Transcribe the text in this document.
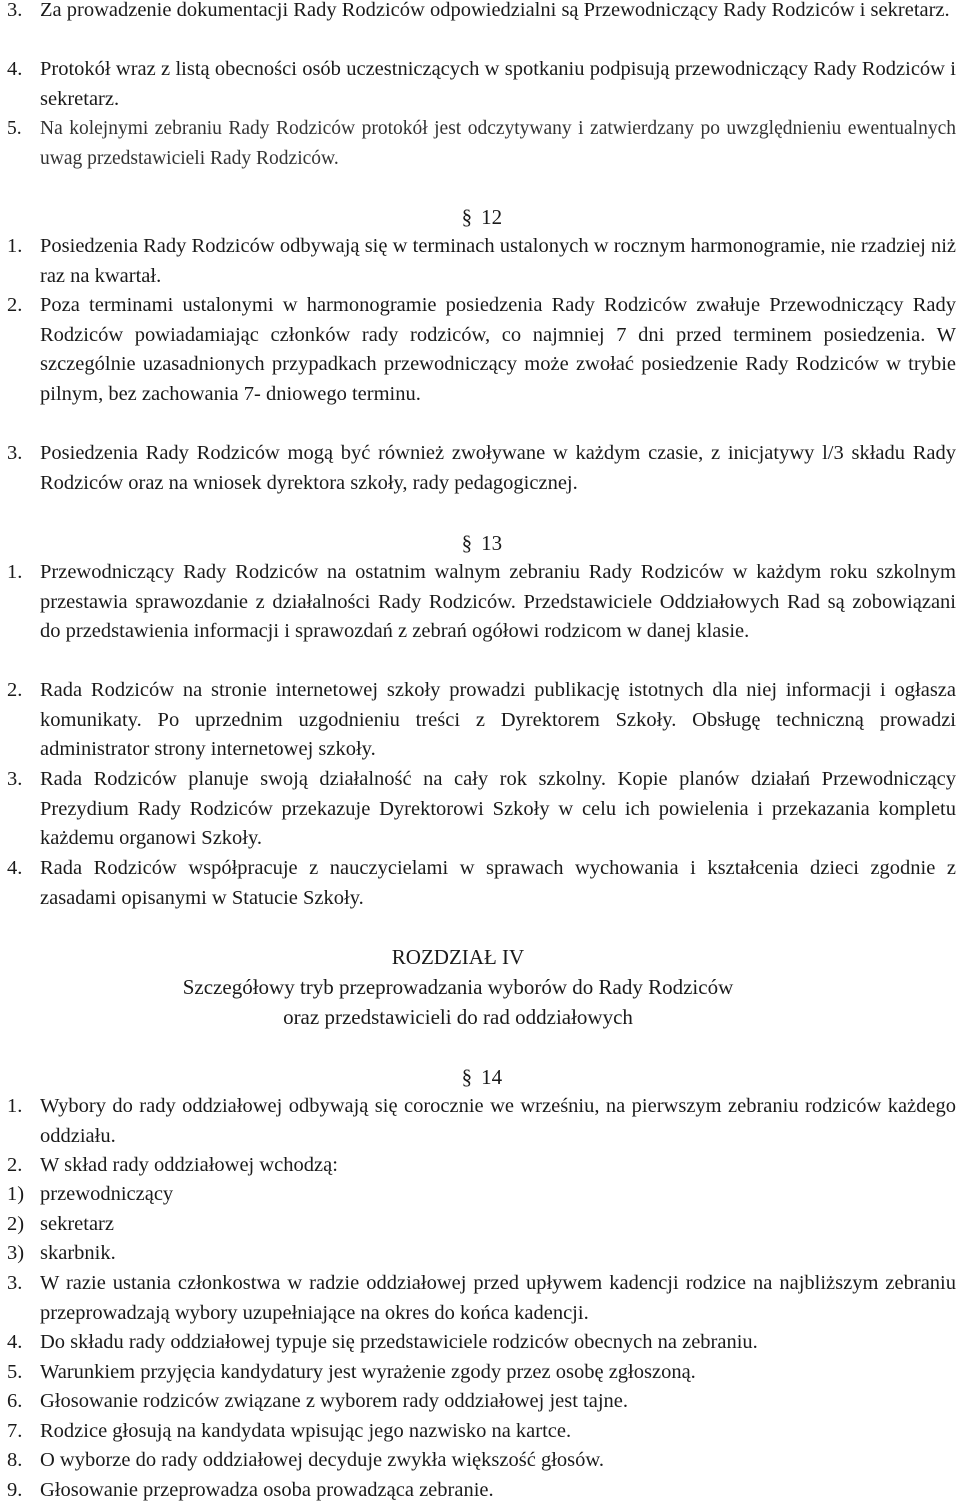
3. Za prowadzenie dokumentacji Rady Rodziców odpowiedzialni są Przewodniczący Rady Rodziców i sekretarz.
4. Protokół wraz z listą obecności osób uczestniczących w spotkaniu podpisują przewodniczący Rady Rodziców i sekretarz.
5. Na kolejnymi zebraniu Rady Rodziców protokół jest odczytywany i zatwierdzany po uwzględnieniu ewentualnych uwag przedstawicieli Rady Rodziców.
§ 12
1. Posiedzenia Rady Rodziców odbywają się w terminach ustalonych w rocznym harmonogramie, nie rzadziej niż raz na kwartał.
2. Poza terminami ustalonymi w harmonogramie posiedzenia Rady Rodziców zwałuje Przewodniczący Rady Rodziców powiadamiając członków rady rodziców, co najmniej 7 dni przed terminem posiedzenia. W szczególnie uzasadnionych przypadkach przewodniczący może zwołać posiedzenie Rady Rodziców w trybie pilnym, bez zachowania 7- dniowego terminu.
3. Posiedzenia Rady Rodziców mogą być również zwoływane w każdym czasie, z inicjatywy l/3 składu Rady Rodziców oraz na wniosek dyrektora szkoły, rady pedagogicznej.
§ 13
1. Przewodniczący Rady Rodziców na ostatnim walnym zebraniu Rady Rodziców w każdym roku szkolnym przestawia sprawozdanie z działalności Rady Rodziców. Przedstawiciele Oddziałowych Rad są zobowiązani do przedstawienia informacji i sprawozdań z zebrań ogółowi rodzicom w danej klasie.
2. Rada Rodziców na stronie internetowej szkoły prowadzi publikację istotnych dla niej informacji i ogłasza komunikaty. Po uprzednim uzgodnieniu treści z Dyrektorem Szkoły. Obsługę techniczną prowadzi administrator strony internetowej szkoły.
3. Rada Rodziców planuje swoją działalność na cały rok szkolny. Kopie planów działań Przewodniczący Prezydium Rady Rodziców przekazuje Dyrektorowi Szkoły w celu ich powielenia i przekazania kompletu każdemu organowi Szkoły.
4. Rada Rodziców współpracuje z nauczycielami w sprawach wychowania i kształcenia dzieci zgodnie z zasadami opisanymi w Statucie Szkoły.
ROZDZIAŁ IV
Szczegółowy tryb przeprowadzania wyborów do Rady Rodziców
oraz przedstawicieli do rad oddziałowych
§ 14
1. Wybory do rady oddziałowej odbywają się corocznie we wrześniu, na pierwszym zebraniu rodziców każdego oddziału.
2. W skład rady oddziałowej wchodzą:
1) przewodniczący
2) sekretarz
3) skarbnik.
3. W razie ustania członkostwa w radzie oddziałowej przed upływem kadencji rodzice na najbliższym zebraniu przeprowadzają wybory uzupełniające na okres do końca kadencji.
4. Do składu rady oddziałowej typuje się przedstawiciele rodziców obecnych na zebraniu.
5. Warunkiem przyjęcia kandydatury jest wyrażenie zgody przez osobę zgłoszoną.
6. Głosowanie rodziców związane z wyborem rady oddziałowej jest tajne.
7. Rodzice głosują na kandydata wpisując jego nazwisko na kartce.
8. O wyborze do rady oddziałowej decyduje zwykła większość głosów.
9. Głosowanie przeprowadza osoba prowadząca zebranie.
